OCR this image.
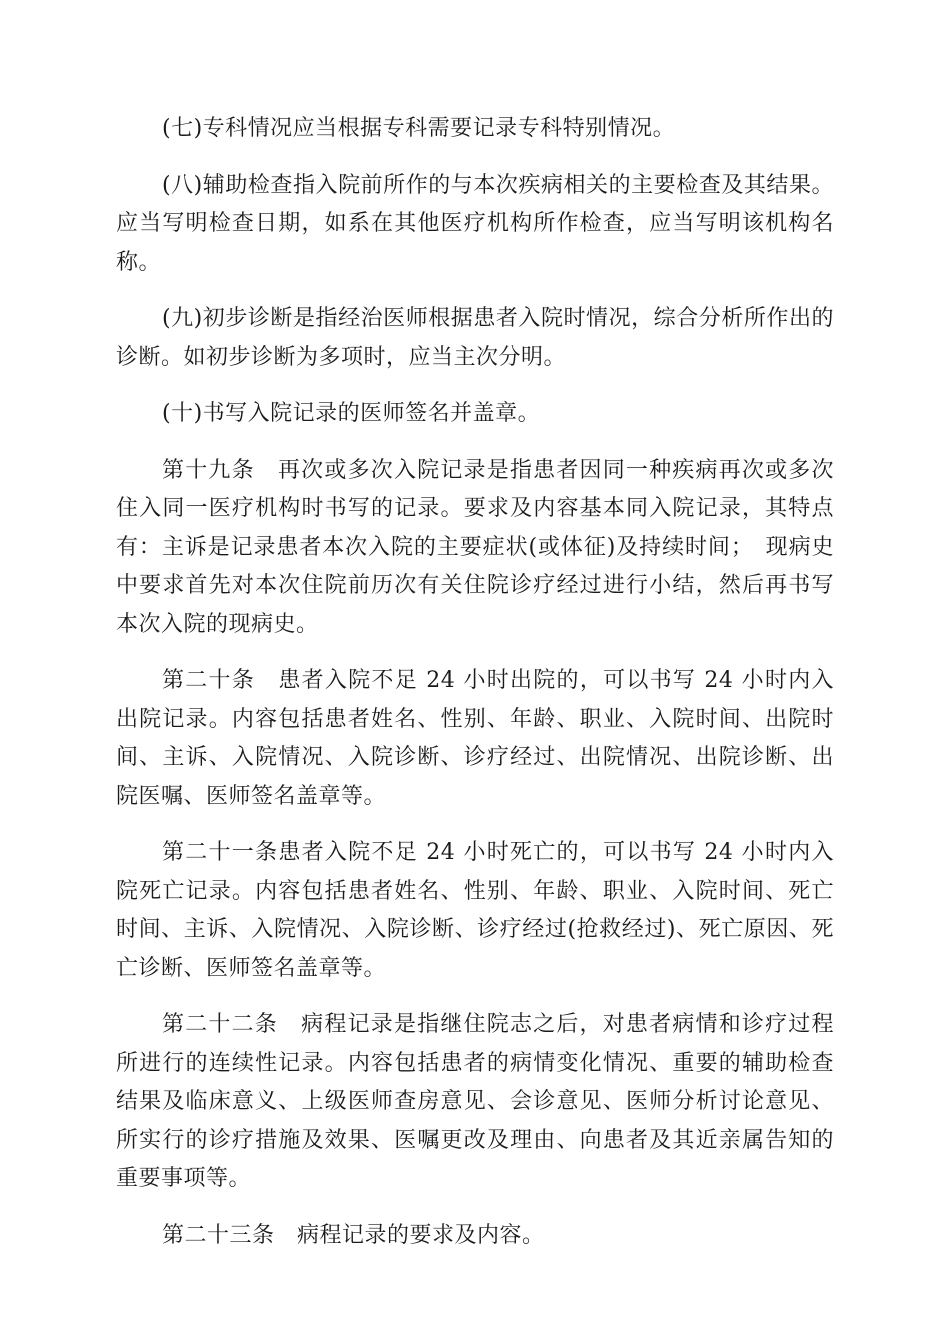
(七)专科情况应当根据专科需要记录专科特别情况。

(八)辅助检查指入院前所作的与本次疾病相关的主要检查及其结果。应当写明检查日期，如系在其他医疗机构所作检查，应当写明该机构名称。

(九)初步诊断是指经治医师根据患者入院时情况，综合分析所作出的诊断。如初步诊断为多项时，应当主次分明。

(十)书写入院记录的医师签名并盖章。

第十九条　再次或多次入院记录是指患者因同一种疾病再次或多次住入同一医疗机构时书写的记录。要求及内容基本同入院记录，其特点有：主诉是记录患者本次入院的主要症状(或体征)及持续时间；　现病史中要求首先对本次住院前历次有关住院诊疗经过进行小结，然后再书写本次入院的现病史。

第二十条　患者入院不足 24 小时出院的，可以书写 24 小时内入出院记录。内容包括患者姓名、性别、年龄、职业、入院时间、出院时间、主诉、入院情况、入院诊断、诊疗经过、出院情况、出院诊断、出院医嘱、医师签名盖章等。

第二十一条患者入院不足 24 小时死亡的，可以书写 24 小时内入院死亡记录。内容包括患者姓名、性别、年龄、职业、入院时间、死亡时间、主诉、入院情况、入院诊断、诊疗经过(抢救经过)、死亡原因、死亡诊断、医师签名盖章等。

第二十二条　病程记录是指继住院志之后，对患者病情和诊疗过程所进行的连续性记录。内容包括患者的病情变化情况、重要的辅助检查结果及临床意义、上级医师查房意见、会诊意见、医师分析讨论意见、所实行的诊疗措施及效果、医嘱更改及理由、向患者及其近亲属告知的重要事项等。

第二十三条　病程记录的要求及内容。
